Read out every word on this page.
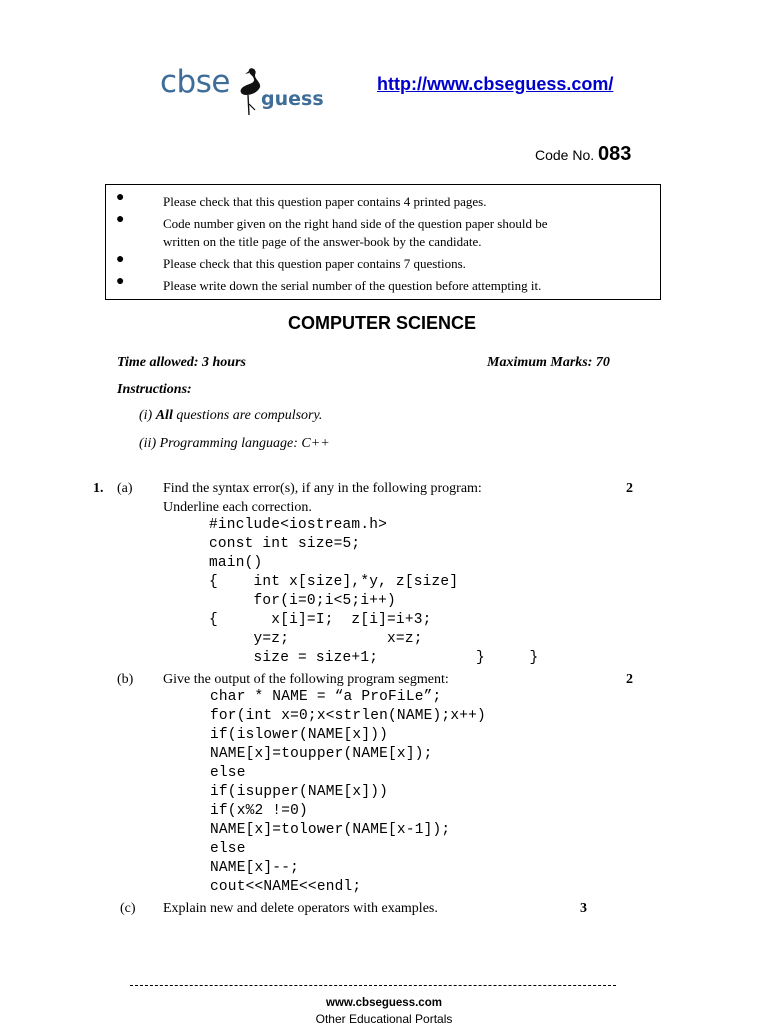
cbse guess
http://www.cbseguess.com/
Code No. 083
●	Please check that this question paper contains 4 printed pages.
●	Code number given on the right hand side of the question paper should be
written on the title page of the answer-book by the candidate.
●	Please check that this question paper contains 7 questions.
●	Please write down the serial number of the question before attempting it.
COMPUTER SCIENCE
Time allowed: 3 hours	Maximum Marks: 70
Instructions:
(i) All questions are compulsory.
(ii) Programming language: C++
1. (a) Find the syntax error(s), if any in the following program:	2
Underline each correction.
#include<iostream.h>
const int size=5;
main()
{    int x[size],*y, z[size]
for(i=0;i<5;i++)
{      x[i]=I;  z[i]=i+3;
y=z;           x=z;
size = size+1;           }     }
(b) Give the output of the following program segment:	2
char * NAME = “a ProFiLe”;
for(int x=0;x<strlen(NAME);x++)
if(islower(NAME[x]))
NAME[x]=toupper(NAME[x]);
else
if(isupper(NAME[x]))
if(x%2 !=0)
NAME[x]=tolower(NAME[x-1]);
else
NAME[x]--;
cout<<NAME<<endl;
(c) Explain new and delete operators with examples.	3
www.cbseguess.com
Other Educational Portals
